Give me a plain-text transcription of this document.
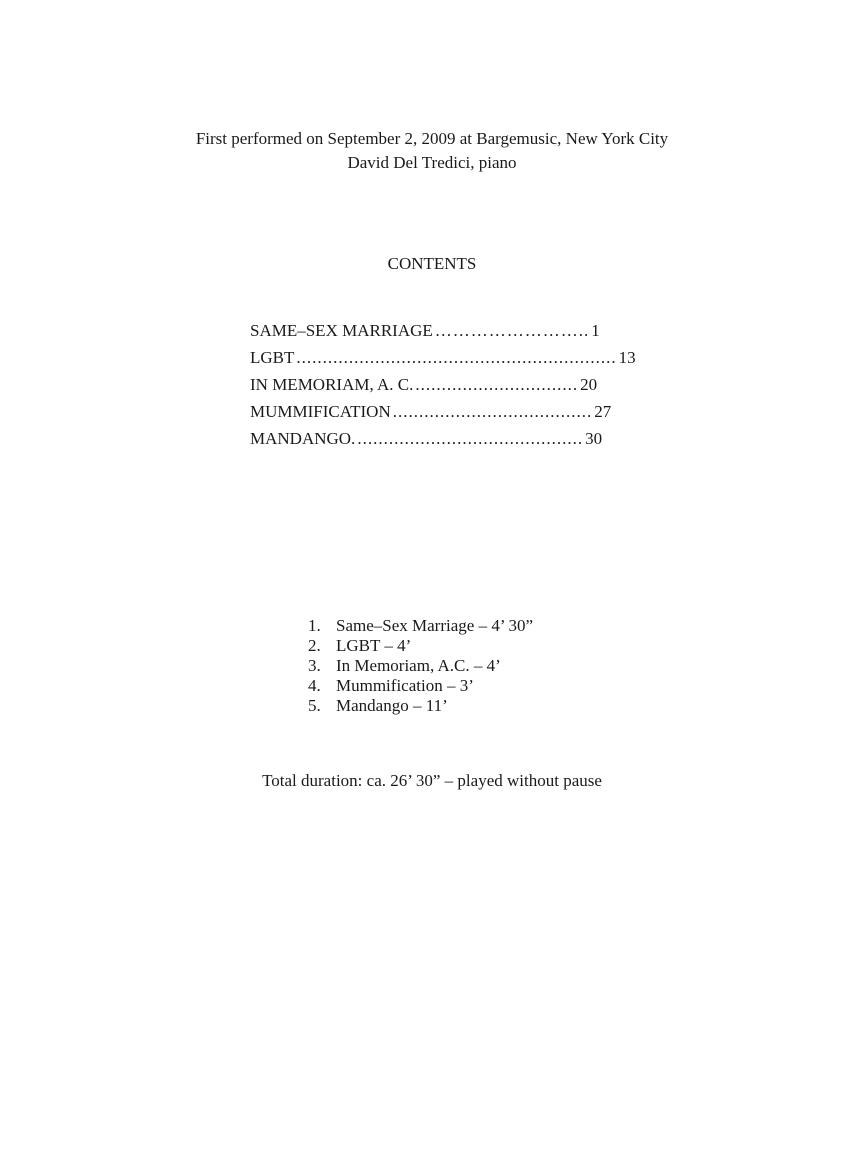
First performed on September 2, 2009 at Bargemusic, New York City
David Del Tredici, piano
CONTENTS
SAME–SEX MARRIAGE …………………….. 1
LGBT ............................................................. 13
IN MEMORIAM, A. C. ............................... 20
MUMMIFICATION ...................................... 27
MANDANGO. ........................................... 30
1. Same–Sex Marriage – 4’ 30”
2. LGBT – 4’
3. In Memoriam, A.C. – 4’
4. Mummification – 3’
5. Mandango – 11’
Total duration: ca. 26’ 30” – played without pause
